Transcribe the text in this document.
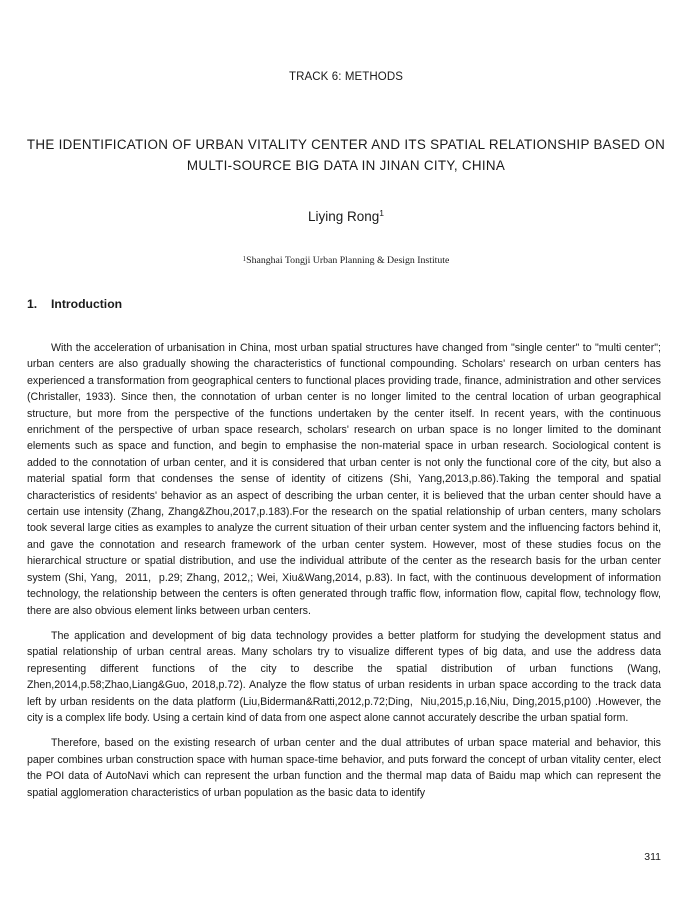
TRACK 6: METHODS
THE IDENTIFICATION OF URBAN VITALITY CENTER AND ITS SPATIAL RELATIONSHIP BASED ON
MULTI-SOURCE BIG DATA IN JINAN CITY, CHINA
Liying Rong$^1$
$^1$Shanghai Tongji Urban Planning & Design Institute
1. Introduction

With the acceleration of urbanisation in China, most urban spatial structures have changed from "single center" to "multi center"; urban centers are also gradually showing the characteristics of functional compounding. Scholars' research on urban centers has experienced a transformation from geographical centers to functional places providing trade, finance, administration and other services (Christaller, 1933). Since then, the connotation of urban center is no longer limited to the central location of urban geographical structure, but more from the perspective of the functions undertaken by the center itself. In recent years, with the continuous enrichment of the perspective of urban space research, scholars' research on urban space is no longer limited to the dominant elements such as space and function, and begin to emphasise the non-material space in urban research. Sociological content is added to the connotation of urban center, and it is considered that urban center is not only the functional core of the city, but also a material spatial form that condenses the sense of identity of citizens (Shi, Yang,2013,p.86).Taking the temporal and spatial characteristics of residents' behavior as an aspect of describing the urban center, it is believed that the urban center should have a certain use intensity (Zhang, Zhang&Zhou,2017,p.183).For the research on the spatial relationship of urban centers, many scholars took several large cities as examples to analyze the current situation of their urban center system and the influencing factors behind it, and gave the connotation and research framework of the urban center system. However, most of these studies focus on the hierarchical structure or spatial distribution, and use the individual attribute of the center as the research basis for the urban center system (Shi, Yang,  2011,  p.29; Zhang, 2012,; Wei, Xiu&Wang,2014, p.83). In fact, with the continuous development of information technology, the relationship between the centers is often generated through traffic flow, information flow, capital flow, technology flow, there are also obvious element links between urban centers.

The application and development of big data technology provides a better platform for studying the development status and spatial relationship of urban central areas. Many scholars try to visualize different types of big data, and use the address data representing different functions of the city to describe the spatial distribution of urban functions (Wang, Zhen,2014,p.58;Zhao,Liang&Guo, 2018,p.72). Analyze the flow status of urban residents in urban space according to the track data left by urban residents on the data platform (Liu,Biderman&Ratti,2012,p.72;Ding,  Niu,2015,p.16,Niu, Ding,2015,p100) .However, the city is a complex life body. Using a certain kind of data from one aspect alone cannot accurately describe the urban spatial form.

Therefore, based on the existing research of urban center and the dual attributes of urban space material and behavior, this paper combines urban construction space with human space-time behavior, and puts forward the concept of urban vitality center, elect the POI data of AutoNavi which can represent the urban function and the thermal map data of Baidu map which can represent the spatial agglomeration characteristics of urban population as the basic data to identify

311
